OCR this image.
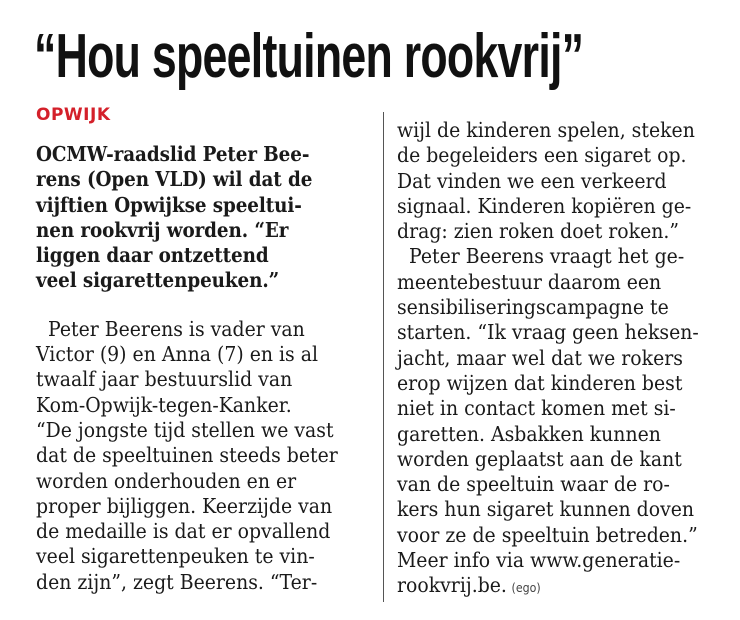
“Hou speeltuinen rookvrij”
OPWIJK
OCMW-raadslid Peter Bee-
rens (Open VLD) wil dat de
vijftien Opwijkse speeltui-
nen rookvrij worden. “Er
liggen daar ontzettend
veel sigarettenpeuken.”
Peter Beerens is vader van
Victor (9) en Anna (7) en is al
twaalf jaar bestuurslid van
Kom-Opwijk-tegen-Kanker.
“De jongste tijd stellen we vast
dat de speeltuinen steeds beter
worden onderhouden en er
proper bijliggen. Keerzijde van
de medaille is dat er opvallend
veel sigarettenpeuken te vin-
den zijn”, zegt Beerens. “Ter-
wijl de kinderen spelen, steken
de begeleiders een sigaret op.
Dat vinden we een verkeerd
signaal. Kinderen kopiëren ge-
drag: zien roken doet roken.”
Peter Beerens vraagt het ge-
meentebestuur daarom een
sensibiliseringscampagne te
starten. “Ik vraag geen heksen-
jacht, maar wel dat we rokers
erop wijzen dat kinderen best
niet in contact komen met si-
garetten. Asbakken kunnen
worden geplaatst aan de kant
van de speeltuin waar de ro-
kers hun sigaret kunnen doven
voor ze de speeltuin betreden.”
Meer info via www.generatie-
rookvrij.be. (ego)
